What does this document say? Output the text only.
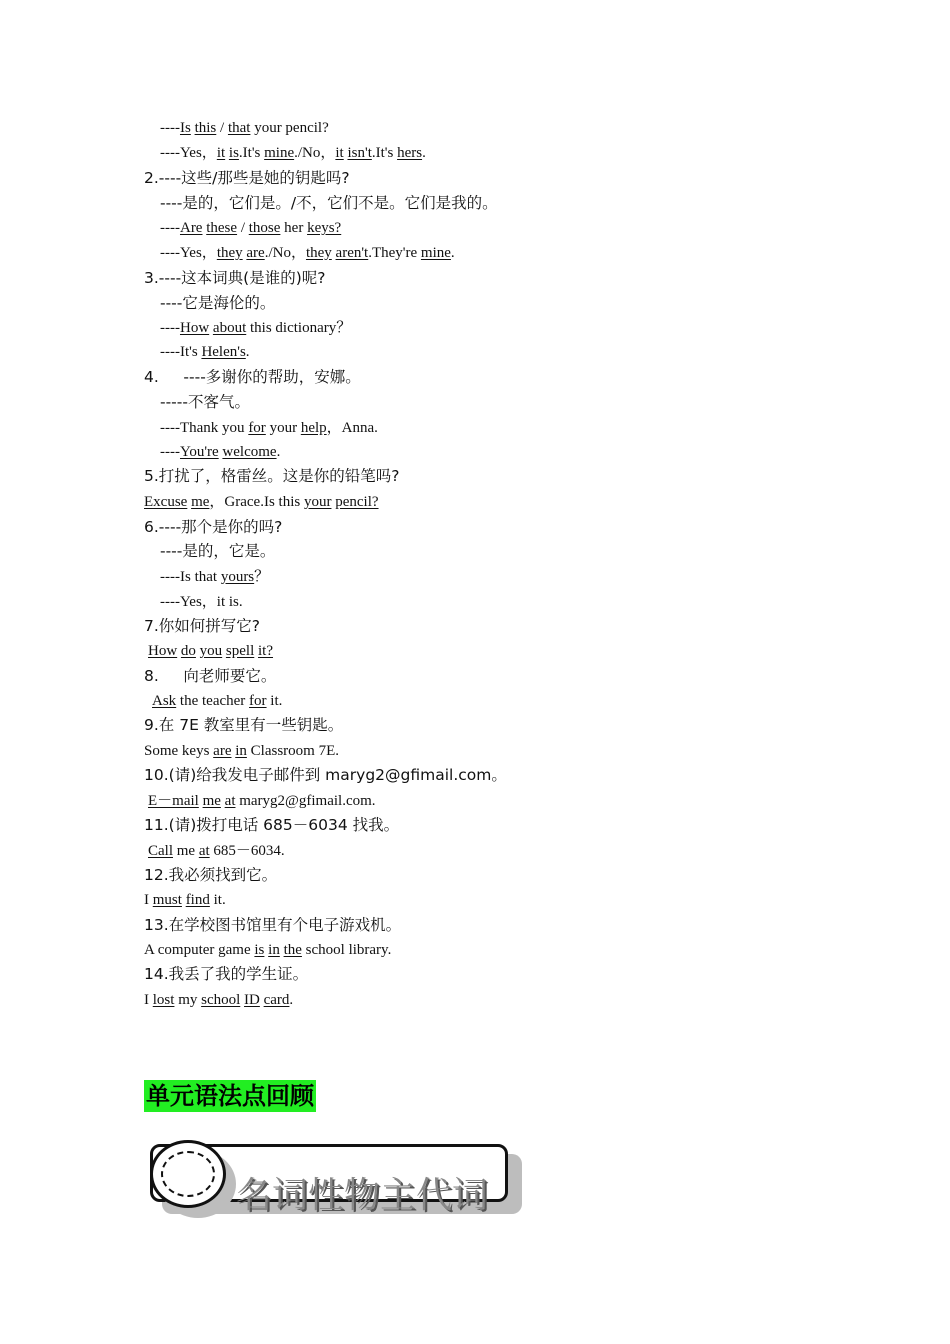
----Is this / that your pencil?
----Yes，it is.It's mine./No，it isn't.It's hers.
2.----这些/那些是她的钥匙吗?
----是的，它们是。/不，它们不是。它们是我的。
----Are these / those her keys?
----Yes，they are./No，they aren't.They're mine.
3.----这本词典(是谁的)呢?
----它是海伦的。
----How about this dictionary？
----It's Helen's.
4.     ----多谢你的帮助，安娜。
-----不客气。
----Thank you for your help，Anna.
----You're welcome.
5.打扰了，格雷丝。这是你的铅笔吗?
Excuse me，Grace.Is this your pencil?
6.----那个是你的吗?
----是的，它是。
----Is that yours？
----Yes，it is.
7.你如何拼写它?
How do you spell it?
8.     向老师要它。
Ask the teacher for it.
9.在 7E 教室里有一些钥匙。
Some keys are in Classroom 7E.
10.(请)给我发电子邮件到 maryg2@gfimail.com。
E－mail me at maryg2@gfimail.com.
11.(请)拨打电话 685－6034 找我。
Call me at 685－6034.
12.我必须找到它。
I must find it.
13.在学校图书馆里有个电子游戏机。
A computer game is in the school library.
14.我丢了我的学生证。
I lost my school ID card.
单元语法点回顾
名词性物主代词
